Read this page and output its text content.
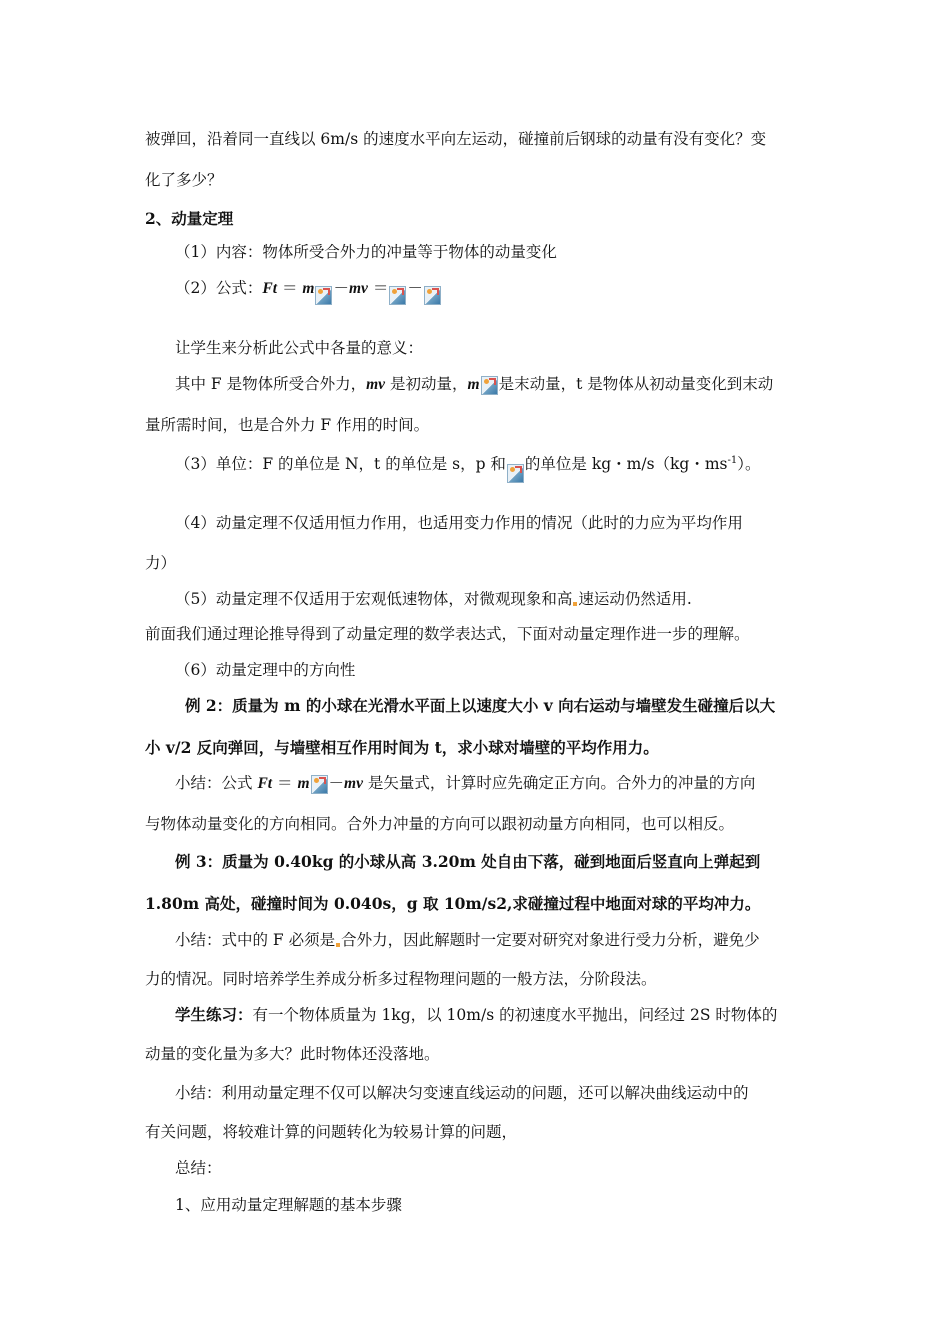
被弹回，沿着同一直线以 6m/s 的速度水平向左运动，碰撞前后钢球的动量有没有变化？变
化了多少？
2、动量定理
（1）内容：物体所受合外力的冲量等于物体的动量变化
（2）公式：Ft ＝ m －mv ＝ －
让学生来分析此公式中各量的意义：
其中 F 是物体所受合外力，mv 是初动量，m 是末动量，t 是物体从初动量变化到末动
量所需时间，也是合外力 F 作用的时间。
（3）单位：F 的单位是 N，t 的单位是 s，p 和 的单位是 kg・m/s（kg・$ms^{-1}$）。
（4）动量定理不仅适用恒力作用，也适用变力作用的情况（此时的力应为平均作用
力）
（5）动量定理不仅适用于宏观低速物体，对微观现象和高 速运动仍然适用.
前面我们通过理论推导得到了动量定理的数学表达式，下面对动量定理作进一步的理解。
（6）动量定理中的方向性
例 2：质量为 m 的小球在光滑水平面上以速度大小 v 向右运动与墙壁发生碰撞后以大
小 v/2 反向弹回，与墙壁相互作用时间为 t，求小球对墙壁的平均作用力。
小结：公式 Ft ＝ m －mv 是矢量式，计算时应先确定正方向。合外力的冲量的方向
与物体动量变化的方向相同。合外力冲量的方向可以跟初动量方向相同，也可以相反。
例 3：质量为 0.40kg 的小球从高 3.20m 处自由下落，碰到地面后竖直向上弹起到
1.80m 高处，碰撞时间为 0.040s，g 取 10m/s2,求碰撞过程中地面对球的平均冲力。
小结：式中的 F 必须是 合外力，因此解题时一定要对研究对象进行受力分析，避免少
力的情况。同时培养学生养成分析多过程物理问题的一般方法，分阶段法。
学生练习：有一个物体质量为 1kg，以 10m/s 的初速度水平抛出，问经过 2S 时物体的
动量的变化量为多大？此时物体还没落地。
小结：利用动量定理不仅可以解决匀变速直线运动的问题，还可以解决曲线运动中的
有关问题，将较难计算的问题转化为较易计算的问题，
总结：
1、应用动量定理解题的基本步骤
